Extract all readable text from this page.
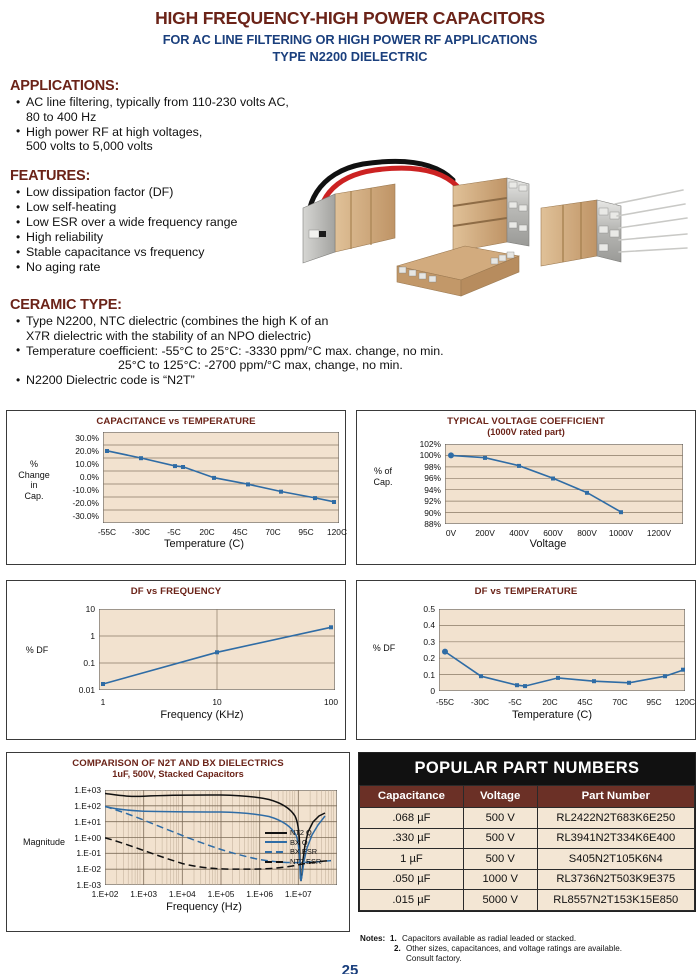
HIGH FREQUENCY-HIGH POWER CAPACITORS
FOR AC LINE FILTERING OR HIGH POWER RF APPLICATIONS
TYPE N2200 DIELECTRIC
APPLICATIONS:
• AC line filtering, typically from 110-230 volts AC,
80 to 400 Hz
• High power RF at high voltages,
500 volts to 5,000 volts
FEATURES:
• Low dissipation factor (DF)
• Low self-heating
• Low ESR over a wide frequency range
• High reliability
• Stable capacitance vs frequency
• No aging rate
CERAMIC TYPE:
• Type N2200, NTC dielectric (combines the high K of an
X7R dielectric with the stability of an NPO dielectric)
• Temperature coefficient: -55°C to 25°C: -3330 ppm/°C max. change, no min.
25°C to 125°C: -2700 ppm/°C max, change, no min.
• N2200 Dielectric code is “N2T”
CAPACITANCE vs TEMPERATURE
%
Change
in
Cap.
30.0%
20.0%
10.0%
0.0%
-10.0%
-20.0%
-30.0%
-55C -30C -5C 20C 45C 70C 95C 120C
Temperature (C)
TYPICAL VOLTAGE COEFFICIENT
(1000V rated part)
% of
Cap.
102%
100%
98%
96%
94%
92%
90%
88%
0V 200V 400V 600V 800V 1000V 1200V
Voltage
DF vs FREQUENCY
% DF
10
1
0.1
0.01
1	10	100
Frequency (KHz)
DF vs TEMPERATURE
% DF
0.5
0.4
0.3
0.2
0.1
0
-55C -30C -5C 20C 45C 70C 95C 120C
Temperature (C)
COMPARISON OF N2T AND BX DIELECTRICS
1uF, 500V, Stacked Capacitors
Magnitude
1.E+03
1.E+02
1.E+01
1.E+00
1.E-01
1.E-02
1.E-03
1.E+02 1.E+03 1.E+04 1.E+05 1.E+06 1.E+07
Frequency (Hz)
NT2 Q
BX Q
BX ESR
NT2 ESR
POPULAR PART NUMBERS
Capacitance	Voltage	Part Number
.068 µF	500 V	RL2422N2T683K6E250
.330 µF	500 V	RL3941N2T334K6E400
1 µF	500 V	S405N2T105K6N4
.050 µF	1000 V	RL3736N2T503K9E375
.015 µF	5000 V	RL8557N2T153K15E850
Notes: 1. Capacitors available as radial leaded or stacked.
2. Other sizes, capacitances, and voltage ratings are available.
Consult factory.
25
